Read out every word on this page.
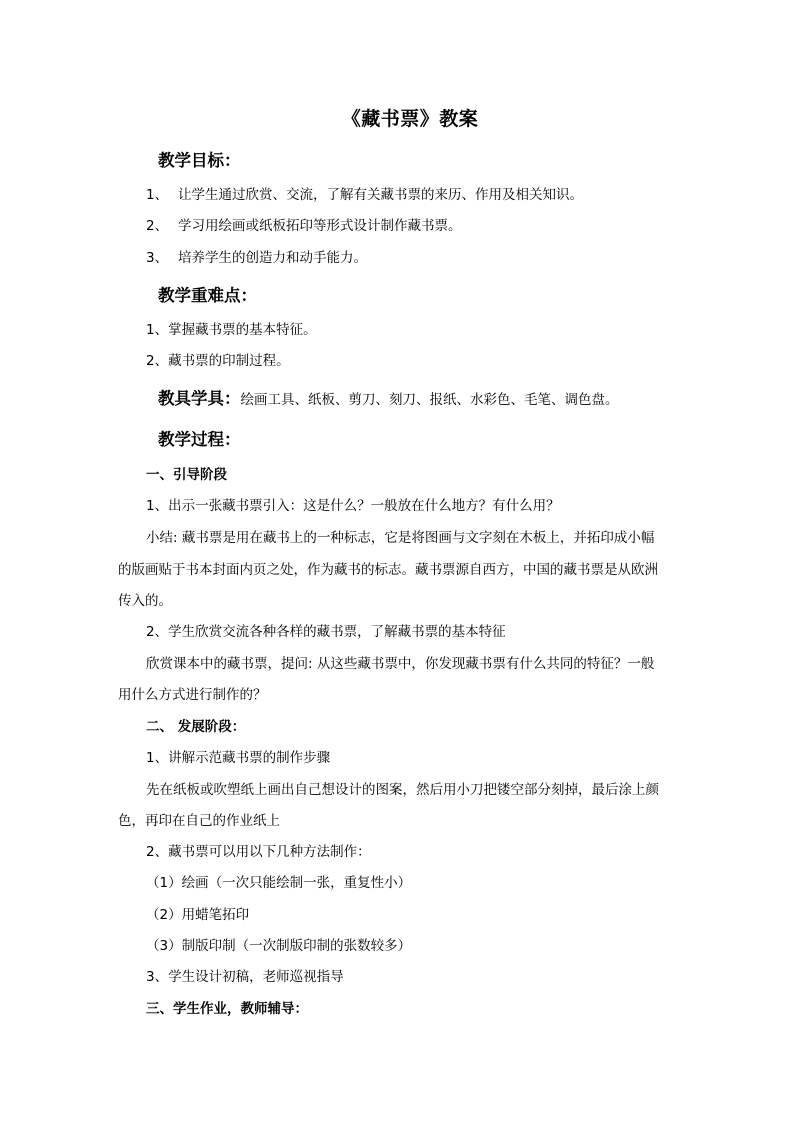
《藏书票》教案
教学目标：
1、 让学生通过欣赏、交流，了解有关藏书票的来历、作用及相关知识。
2、 学习用绘画或纸板拓印等形式设计制作藏书票。
3、 培养学生的创造力和动手能力。
教学重难点：
1、掌握藏书票的基本特征。
2、藏书票的印制过程。
教具学具：绘画工具、纸板、剪刀、刻刀、报纸、水彩色、毛笔、调色盘。
教学过程：
一、引导阶段
1、出示一张藏书票引入：这是什么？一般放在什么地方？有什么用？
小结: 藏书票是用在藏书上的一种标志，它是将图画与文字刻在木板上，并拓印成小幅
的版画贴于书本封面内页之处，作为藏书的标志。藏书票源自西方，中国的藏书票是从欧洲
传入的。
2、学生欣赏交流各种各样的藏书票，了解藏书票的基本特征
欣赏课本中的藏书票，提问: 从这些藏书票中，你发现藏书票有什么共同的特征？一般
用什么方式进行制作的？
二、 发展阶段：
1、讲解示范藏书票的制作步骤
先在纸板或吹塑纸上画出自己想设计的图案，然后用小刀把镂空部分刻掉，最后涂上颜
色，再印在自己的作业纸上
2、藏书票可以用以下几种方法制作：
（1）绘画（一次只能绘制一张，重复性小）
（2）用蜡笔拓印
（3）制版印制（一次制版印制的张数较多）
3、学生设计初稿，老师巡视指导
三、学生作业，教师辅导：
